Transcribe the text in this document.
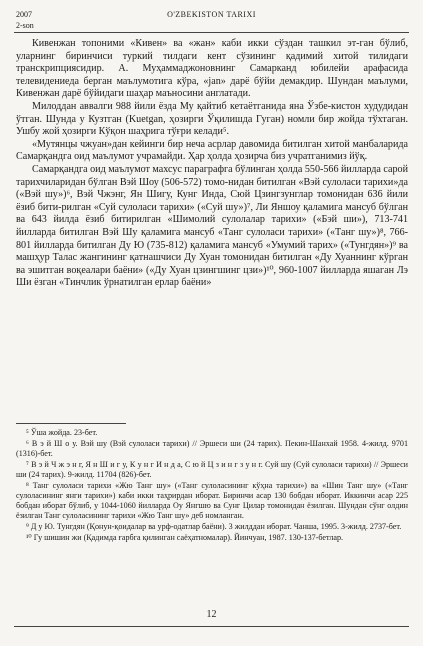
2007	O'ZBEKISTON TARIXI
2-son

Кивенжан топоними «Кивен» ва «жан» каби икки сўздан ташкил эт-ган бўлиб, уларнинг биринчиси туркий тилдаги кент сўзининг қадимий хитой тилидаги транскрипциясидир. А. Муҳаммаджоновнинг Самарканд юбилейи арафасида телевидениеда берган маълумотига кўра, «jan» дарё бўйи демакдир. Шундан маълуми, Кивенжан дарё бўйидаги шаҳар маъносини англатади.

Милоддан аввалги 988 йили ёзда Му қайтиб кетаётганида яна Ўзбе-кистон худудидан ўтган. Шунда у Кузтган (Kuetgan, ҳозирги Ўқилишда Гуган) номли бир жойда тўхтаган. Ушбу жой ҳозирги Кўқон шаҳрига тўғри келади⁵.

«Мутянцы чжуан»дан кейинги бир неча асрлар давомида битилган хитой манбаларида Самарқандга оид маълумот учрамайди. Ҳар ҳолда ҳозирча биз учратганимиз йўқ.

Самарқандга оид маълумот махсус параграфга бўлинган ҳолда 550-566 йилларда сарой тарихчиларидан бўлган Вэй Шоу (506-572) томо-нидан битилган «Вэй сулоласи тарихи»да («Вэй шу»)⁶, Вэй Чжэнг, Ян Шигу, Кунг Инда, Сюй Цзингзунглар томонидан 636 йили ёзиб бити-рилган «Суй сулоласи тарихи» («Суй шу»)⁷, Ли Яншоу қаламига мансуб бўлган ва 643 йилда ёзиб битирилган «Шимолий сулолалар тарихи» («Бэй ши»), 713-741 йилларда битилган Вэй Шу қаламига мансуб «Танг сулоласи тарихи» («Танг шу»)⁸, 766-801 йилларда битилган Ду Ю (735-812) қаламига мансуб «Умумий тарих» («Тунгдян»)⁹ ва машҳур Талас жангининг қатнашчиси Ду Хуан томонидан битилган «Ду Хуаннинг кўрган ва эшитган воқеалари баёни» («Ду Хуан цзингшинг цзи»)¹⁰, 960-1007 йилларда яшаган Лэ Ши ёзган «Тинчлик ўрнатилган ерлар баёни»

⁵ Ўша жойда. 23-бет.

⁶ В э й Ш о у. Вэй шу (Вэй сулоласи тарихи) // Эршеси ши (24 тарих). Пекин-Шанхай 1958. 4-жилд. 9701 (1316)-бет.

⁷ В э й Ч ж э н г, Я н Ш и г у, К у н г И н д а, С ю й Ц з и н г з у н г. Суй шу (Суй сулоласи тарихи) // Эршеси ши (24 тарих). 9-жилд. 11704 (826)-бет.

⁸ Танг сулоласи тарихи «Жю Танг шу» («Танг сулоласининг кўҳна тарихи») ва «Шин Танг шу» («Танг сулоласининг янги тарихи») каби икки таҳрирдан иборат. Биринчи асар 130 бобдан иборат. Иккинчи асар 225 бобдан иборат бўлиб, у 1044-1060 йилларда Оу Янгшю ва Сунг Цилар томонидан ёзилган. Шундан сўнг олдин ёзилган Танг сулоласининг тарихи «Жю Танг шу» деб номланган.

⁹ Д у Ю. Тунгдян (Қонун-қоидалар ва урф-одатлар баёни). 3 жилддан иборат. Чанша, 1995. 3-жилд. 2737-бет.

¹⁰ Гу шишин жи (Қадимда ғарбга қилинган саёҳатномалар). Йинчуан, 1987. 130-137-бетлар.

12
